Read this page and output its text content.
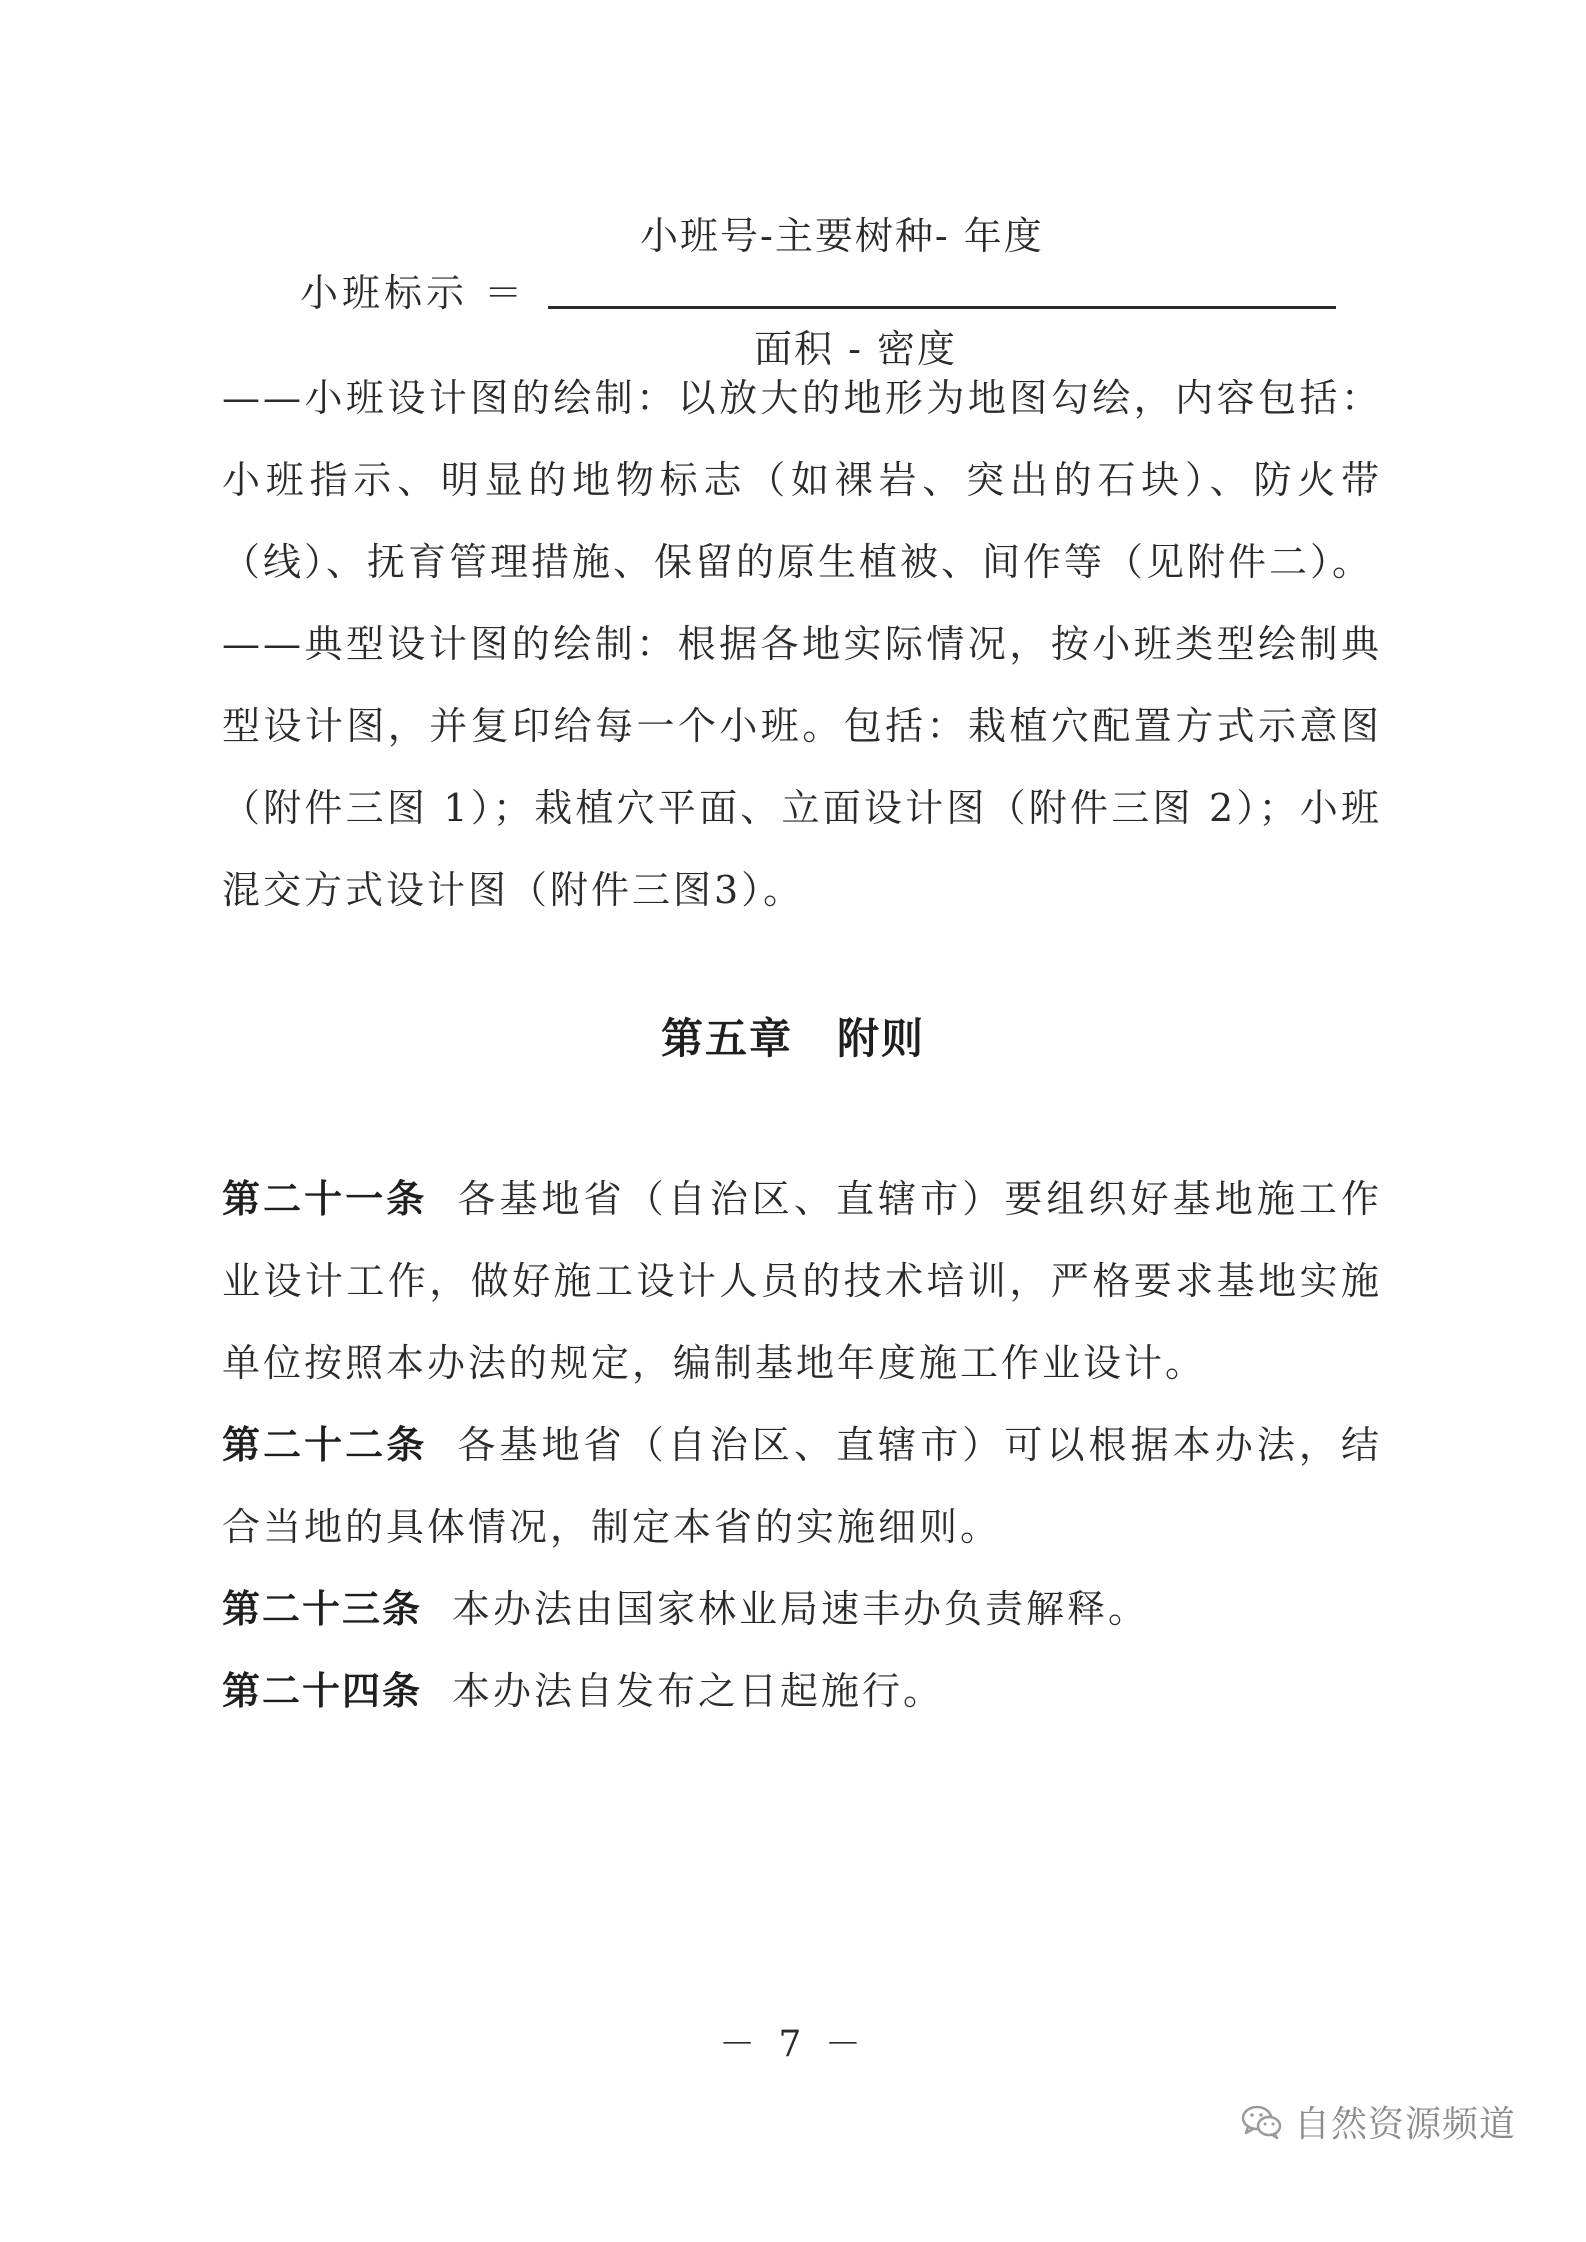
小班号-主要树种- 年度
小班标示 ＝
面积 - 密度
——小班设计图的绘制：以放大的地形为地图勾绘，内容包括：小班指示、明显的地物标志（如裸岩、突出的石块）、防火带（线）、抚育管理措施、保留的原生植被、间作等（见附件二）。
——典型设计图的绘制：根据各地实际情况，按小班类型绘制典型设计图，并复印给每一个小班。包括：栽植穴配置方式示意图（附件三图 1）；栽植穴平面、立面设计图（附件三图 2）；小班混交方式设计图（附件三图3）。
第五章　附则
第二十一条 各基地省（自治区、直辖市）要组织好基地施工作业设计工作，做好施工设计人员的技术培训，严格要求基地实施单位按照本办法的规定，编制基地年度施工作业设计。
第二十二条 各基地省（自治区、直辖市）可以根据本办法，结合当地的具体情况，制定本省的实施细则。
第二十三条 本办法由国家林业局速丰办负责解释。
第二十四条 本办法自发布之日起施行。
－ 7 －
自然资源频道
